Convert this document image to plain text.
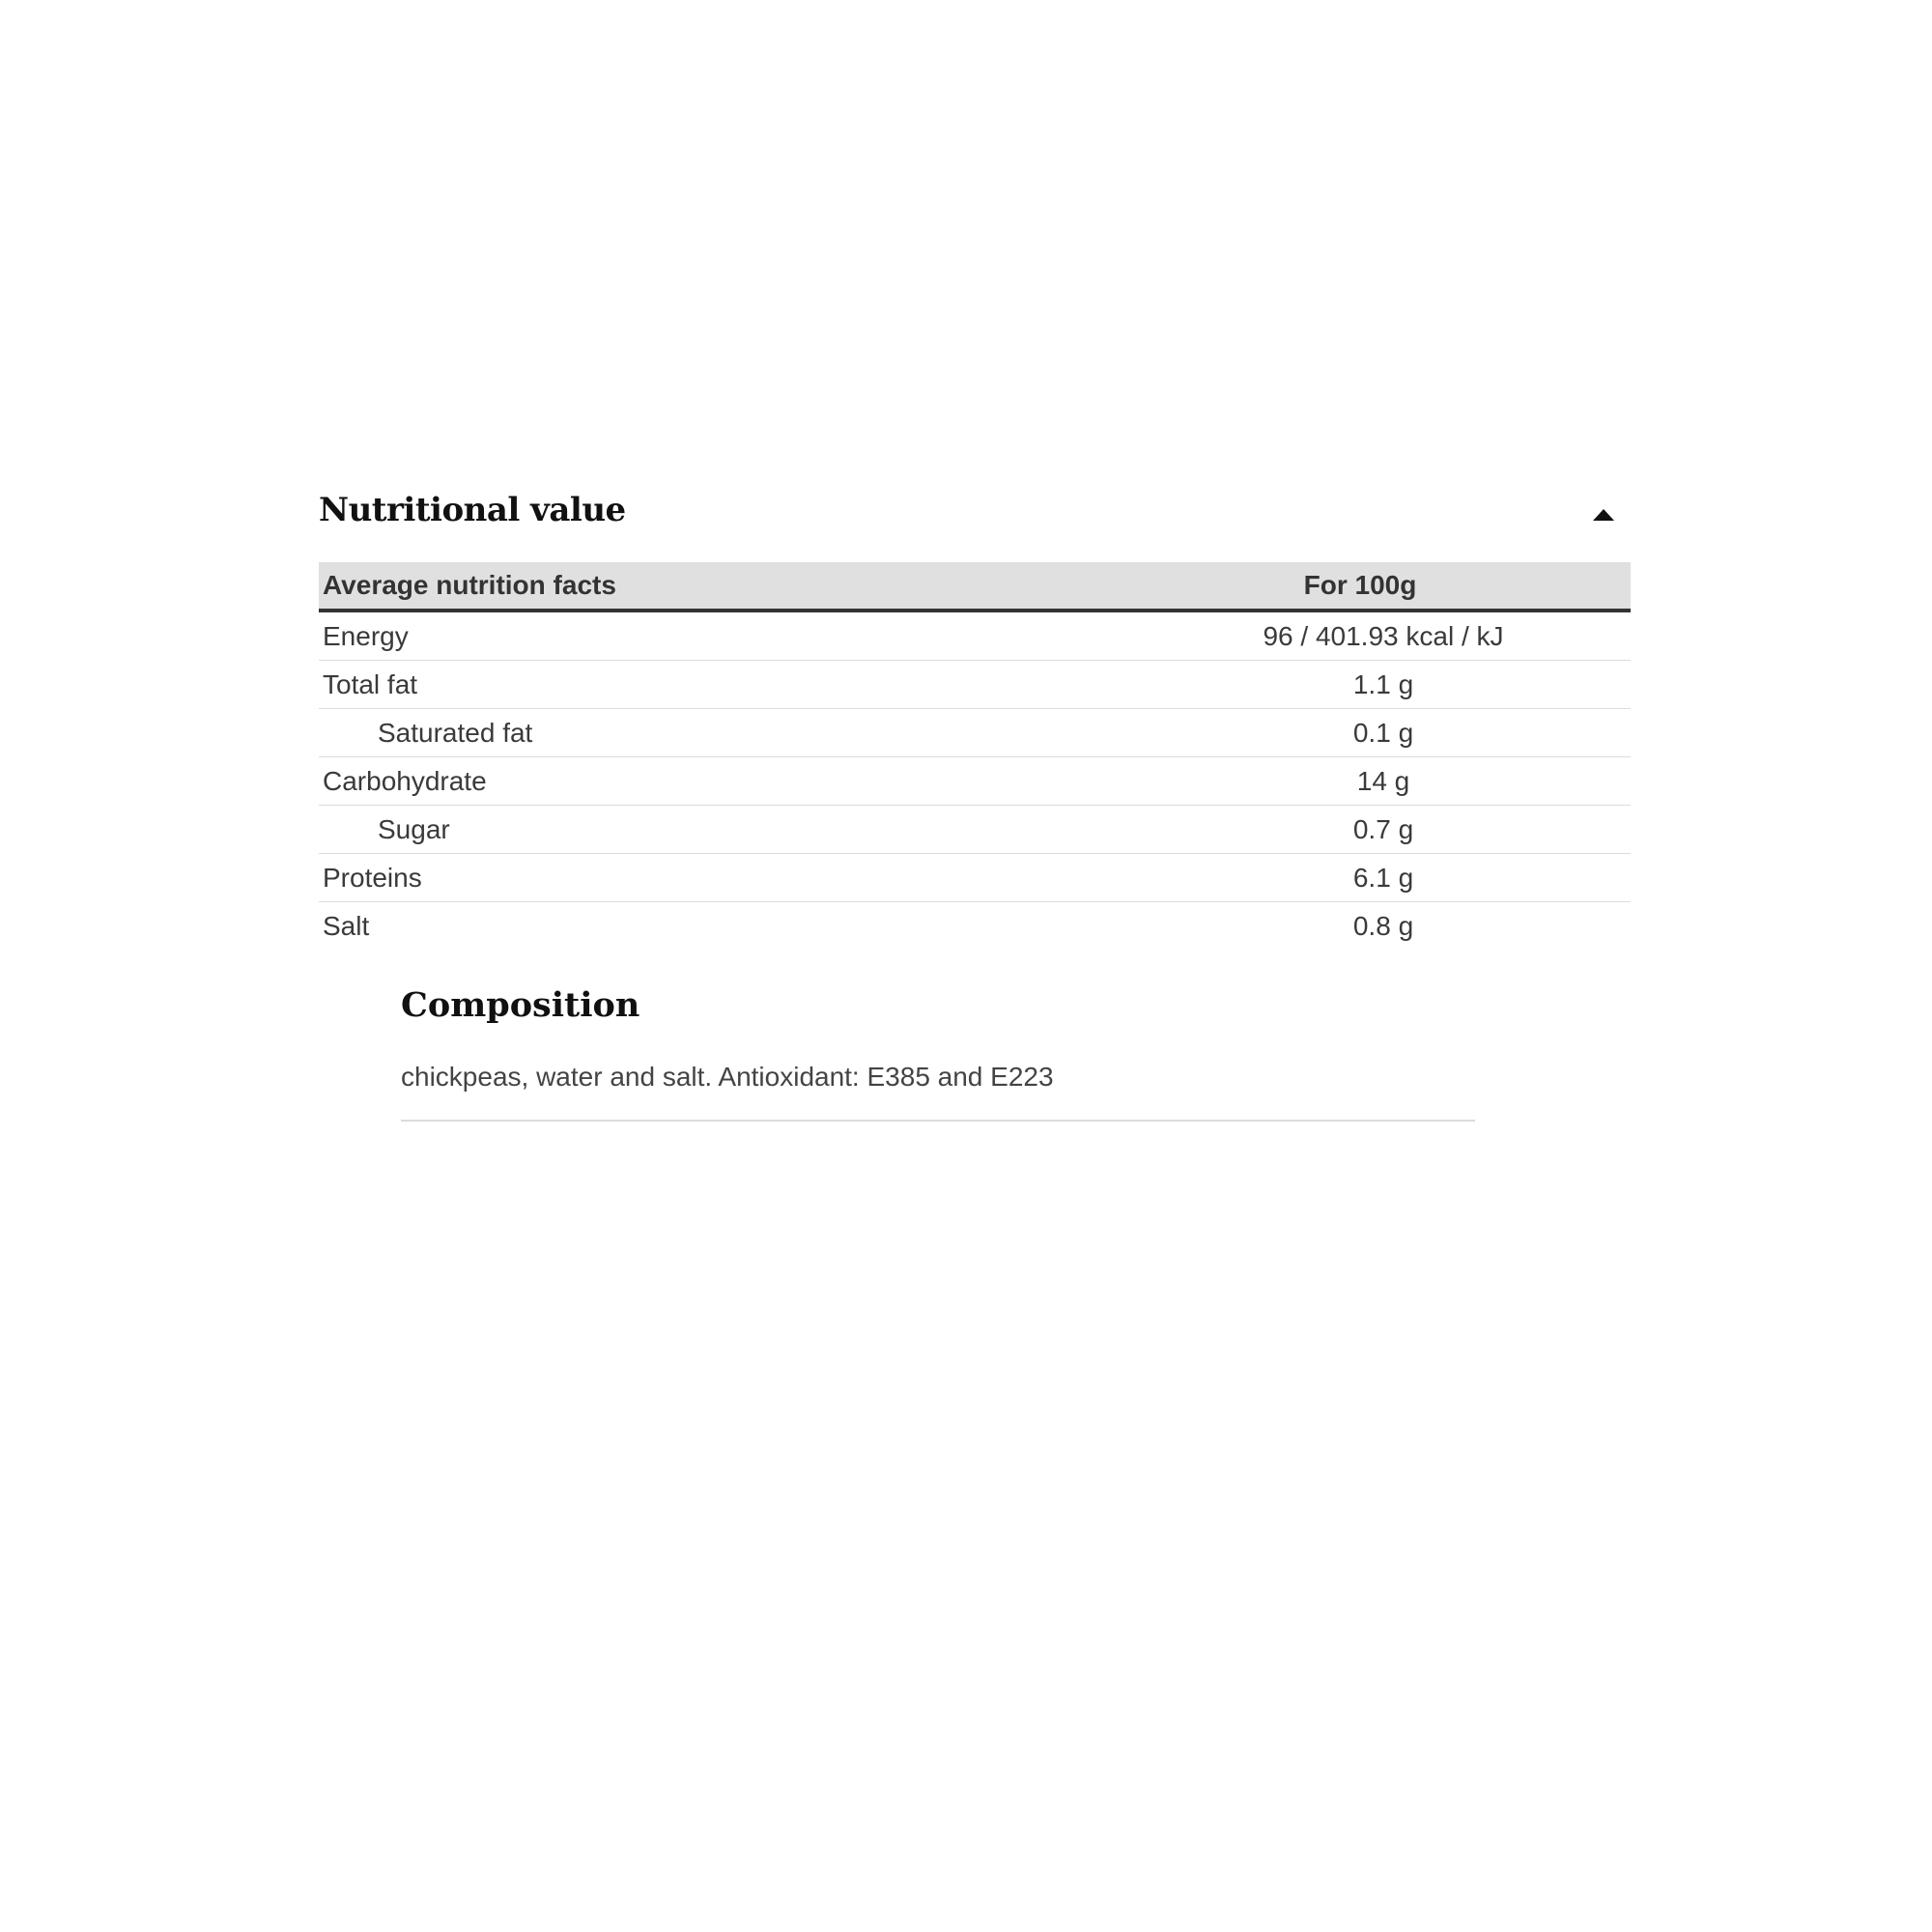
Nutritional value
Average nutrition facts	For 100g
Energy	96 / 401.93 kcal / kJ
Total fat	1.1 g
Saturated fat	0.1 g
Carbohydrate	14 g
Sugar	0.7 g
Proteins	6.1 g
Salt	0.8 g
Composition

chickpeas, water and salt. Antioxidant: E385 and E223
